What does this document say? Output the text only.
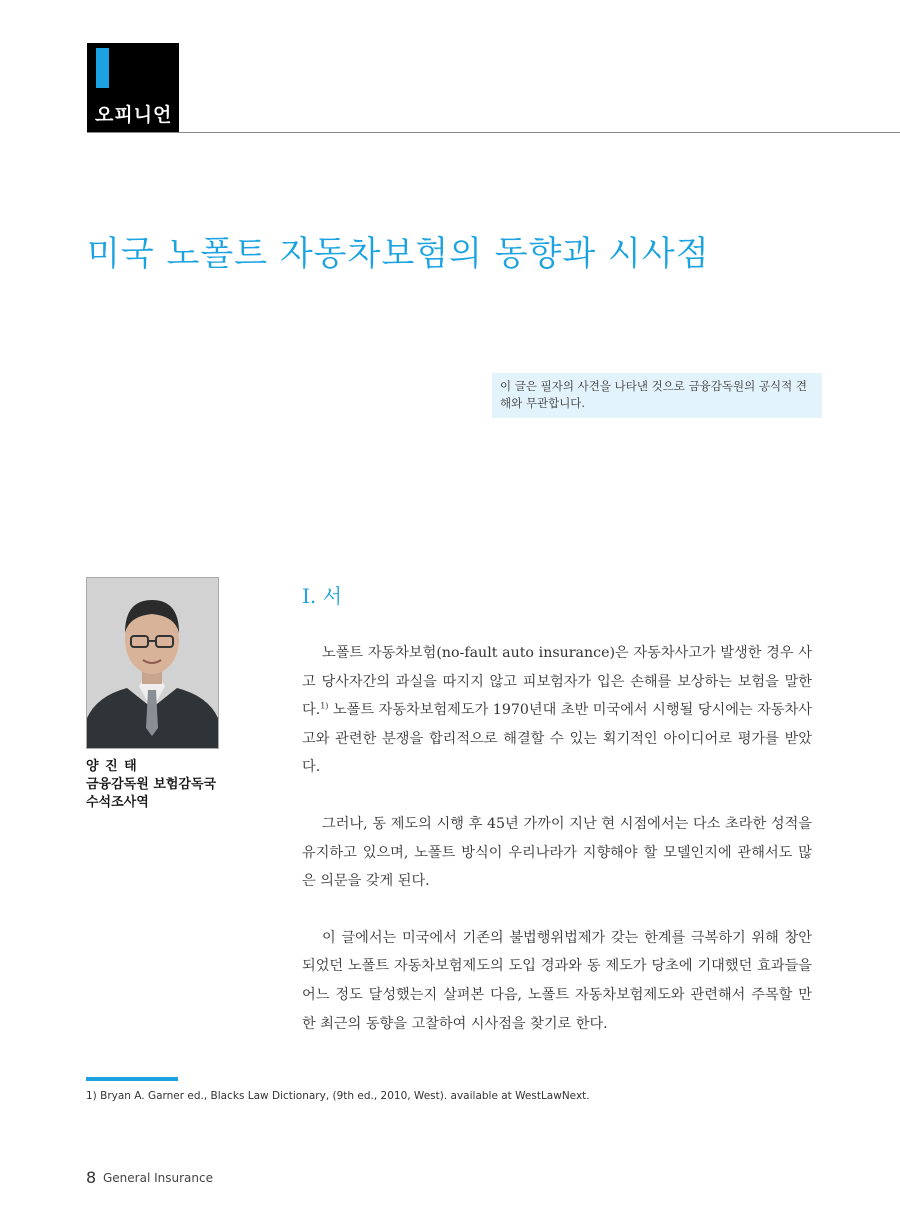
오피니언
미국 노폴트 자동차보험의 동향과 시사점
이 글은 필자의 사견을 나타낸 것으로 금융감독원의 공식적 견해와 무관합니다.
양 진 태
금융감독원 보험감독국
수석조사역
Ⅰ. 서

노폴트 자동차보험(no-fault auto insurance)은 자동차사고가 발생한 경우 사고 당사자간의 과실을 따지지 않고 피보험자가 입은 손해를 보상하는 보험을 말한다.$^{1)}$ 노폴트 자동차보험제도가 1970년대 초반 미국에서 시행될 당시에는 자동차사고와 관련한 분쟁을 합리적으로 해결할 수 있는 획기적인 아이디어로 평가를 받았다.

그러나, 동 제도의 시행 후 45년 가까이 지난 현 시점에서는 다소 초라한 성적을 유지하고 있으며, 노폴트 방식이 우리나라가 지향해야 할 모델인지에 관해서도 많은 의문을 갖게 된다.

이 글에서는 미국에서 기존의 불법행위법제가 갖는 한계를 극복하기 위해 창안되었던 노폴트 자동차보험제도의 도입 경과와 동 제도가 당초에 기대했던 효과들을 어느 정도 달성했는지 살펴본 다음, 노폴트 자동차보험제도와 관련해서 주목할 만한 최근의 동향을 고찰하여 시사점을 찾기로 한다.

1) Bryan A. Garner ed., Blacks Law Dictionary, (9th ed., 2010, West). available at WestLawNext.
8 General Insurance
